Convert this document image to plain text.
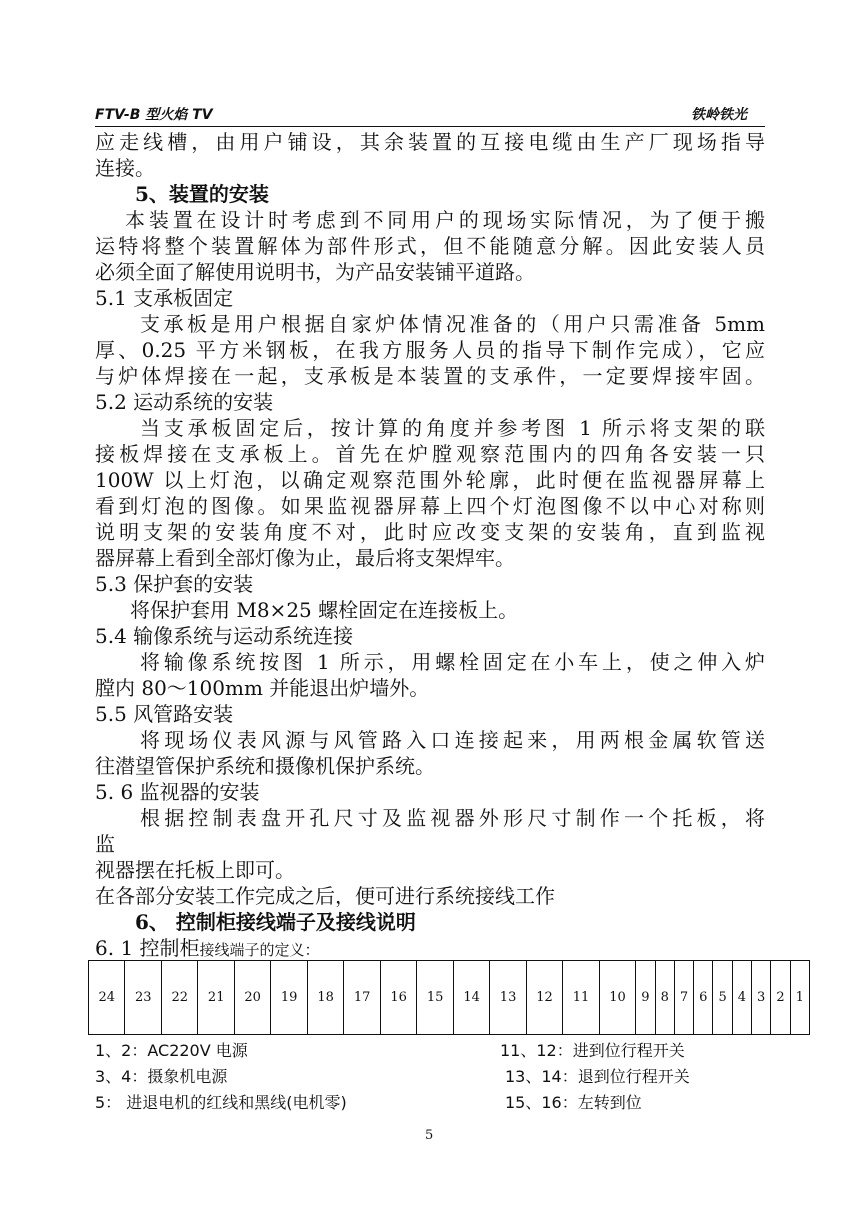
FTV-B 型火焰 TV	铁岭铁光
应走线槽，由用户铺设，其余装置的互接电缆由生产厂现场指导
连接。
5、装置的安装
本装置在设计时考虑到不同用户的现场实际情况，为了便于搬
运特将整个装置解体为部件形式，但不能随意分解。因此安装人员
必须全面了解使用说明书，为产品安装铺平道路。
5.1 支承板固定
支承板是用户根据自家炉体情况准备的（用户只需准备 5mm
厚、0.25 平方米钢板，在我方服务人员的指导下制作完成），它应
与炉体焊接在一起，支承板是本装置的支承件，一定要焊接牢固。
5.2 运动系统的安装
当支承板固定后，按计算的角度并参考图 1 所示将支架的联
接板焊接在支承板上。首先在炉膛观察范围内的四角各安装一只
100W 以上灯泡，以确定观察范围外轮廓，此时便在监视器屏幕上
看到灯泡的图像。如果监视器屏幕上四个灯泡图像不以中心对称则
说明支架的安装角度不对，此时应改变支架的安装角，直到监视
器屏幕上看到全部灯像为止，最后将支架焊牢。
5.3 保护套的安装
将保护套用 M8×25 螺栓固定在连接板上。
5.4 输像系统与运动系统连接
将输像系统按图 1 所示，用螺栓固定在小车上，使之伸入炉
膛内 80～100mm 并能退出炉墙外。
5.5 风管路安装
将现场仪表风源与风管路入口连接起来，用两根金属软管送
往潜望管保护系统和摄像机保护系统。
5. 6 监视器的安装
根据控制表盘开孔尺寸及监视器外形尺寸制作一个托板，将
监
视器摆在托板上即可。
在各部分安装工作完成之后，便可进行系统接线工作
6、 控制柜接线端子及接线说明
6. 1 控制柜接线端子的定义：
24	23	22	21	20	19	18	17	16	15	14	13	12	11	10	9	8	7	6	5	4	3	2	1
1、2：AC220V 电源	11、12：进到位行程开关
3、4：摄象机电源	13、14：退到位行程开关
5： 进退电机的红线和黑线(电机零)	15、16：左转到位
5
